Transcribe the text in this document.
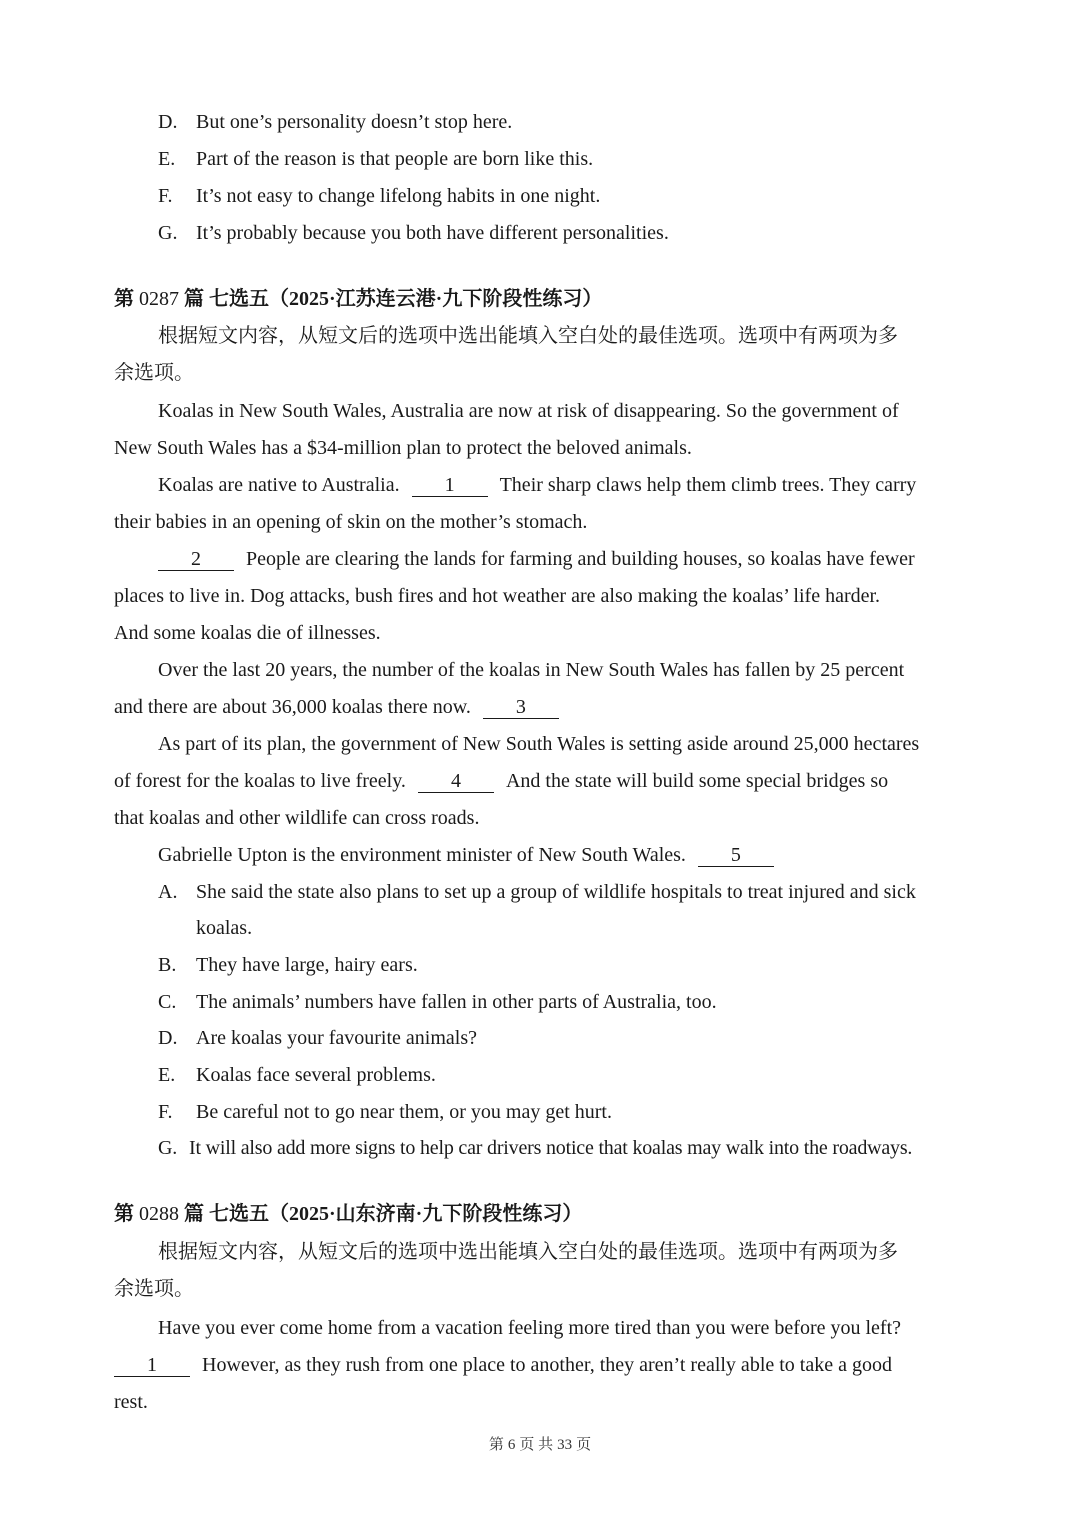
D. But one’s personality doesn’t stop here.
E. Part of the reason is that people are born like this.
F. It’s not easy to change lifelong habits in one night.
G. It’s probably because you both have different personalities.
第 0287 篇 七选五（2025·江苏连云港·九下阶段性练习）
根据短文内容，从短文后的选项中选出能填入空白处的最佳选项。选项中有两项为多
余选项。
Koalas in New South Wales, Australia are now at risk of disappearing. So the government of
New South Wales has a $34-million plan to protect the beloved animals.
Koalas are native to Australia. 1 Their sharp claws help them climb trees. They carry
their babies in an opening of skin on the mother’s stomach.
2 People are clearing the lands for farming and building houses, so koalas have fewer
places to live in. Dog attacks, bush fires and hot weather are also making the koalas’ life harder.
And some koalas die of illnesses.
Over the last 20 years, the number of the koalas in New South Wales has fallen by 25 percent
and there are about 36,000 koalas there now. 3
As part of its plan, the government of New South Wales is setting aside around 25,000 hectares
of forest for the koalas to live freely. 4 And the state will build some special bridges so
that koalas and other wildlife can cross roads.
Gabrielle Upton is the environment minister of New South Wales. 5
A. She said the state also plans to set up a group of wildlife hospitals to treat injured and sick
koalas.
B. They have large, hairy ears.
C. The animals’ numbers have fallen in other parts of Australia, too.
D. Are koalas your favourite animals?
E. Koalas face several problems.
F. Be careful not to go near them, or you may get hurt.
G. It will also add more signs to help car drivers notice that koalas may walk into the roadways.
第 0288 篇 七选五（2025·山东济南·九下阶段性练习）
根据短文内容，从短文后的选项中选出能填入空白处的最佳选项。选项中有两项为多
余选项。
Have you ever come home from a vacation feeling more tired than you were before you left?
1 However, as they rush from one place to another, they aren’t really able to take a good
rest.
第 6 页 共 33 页
